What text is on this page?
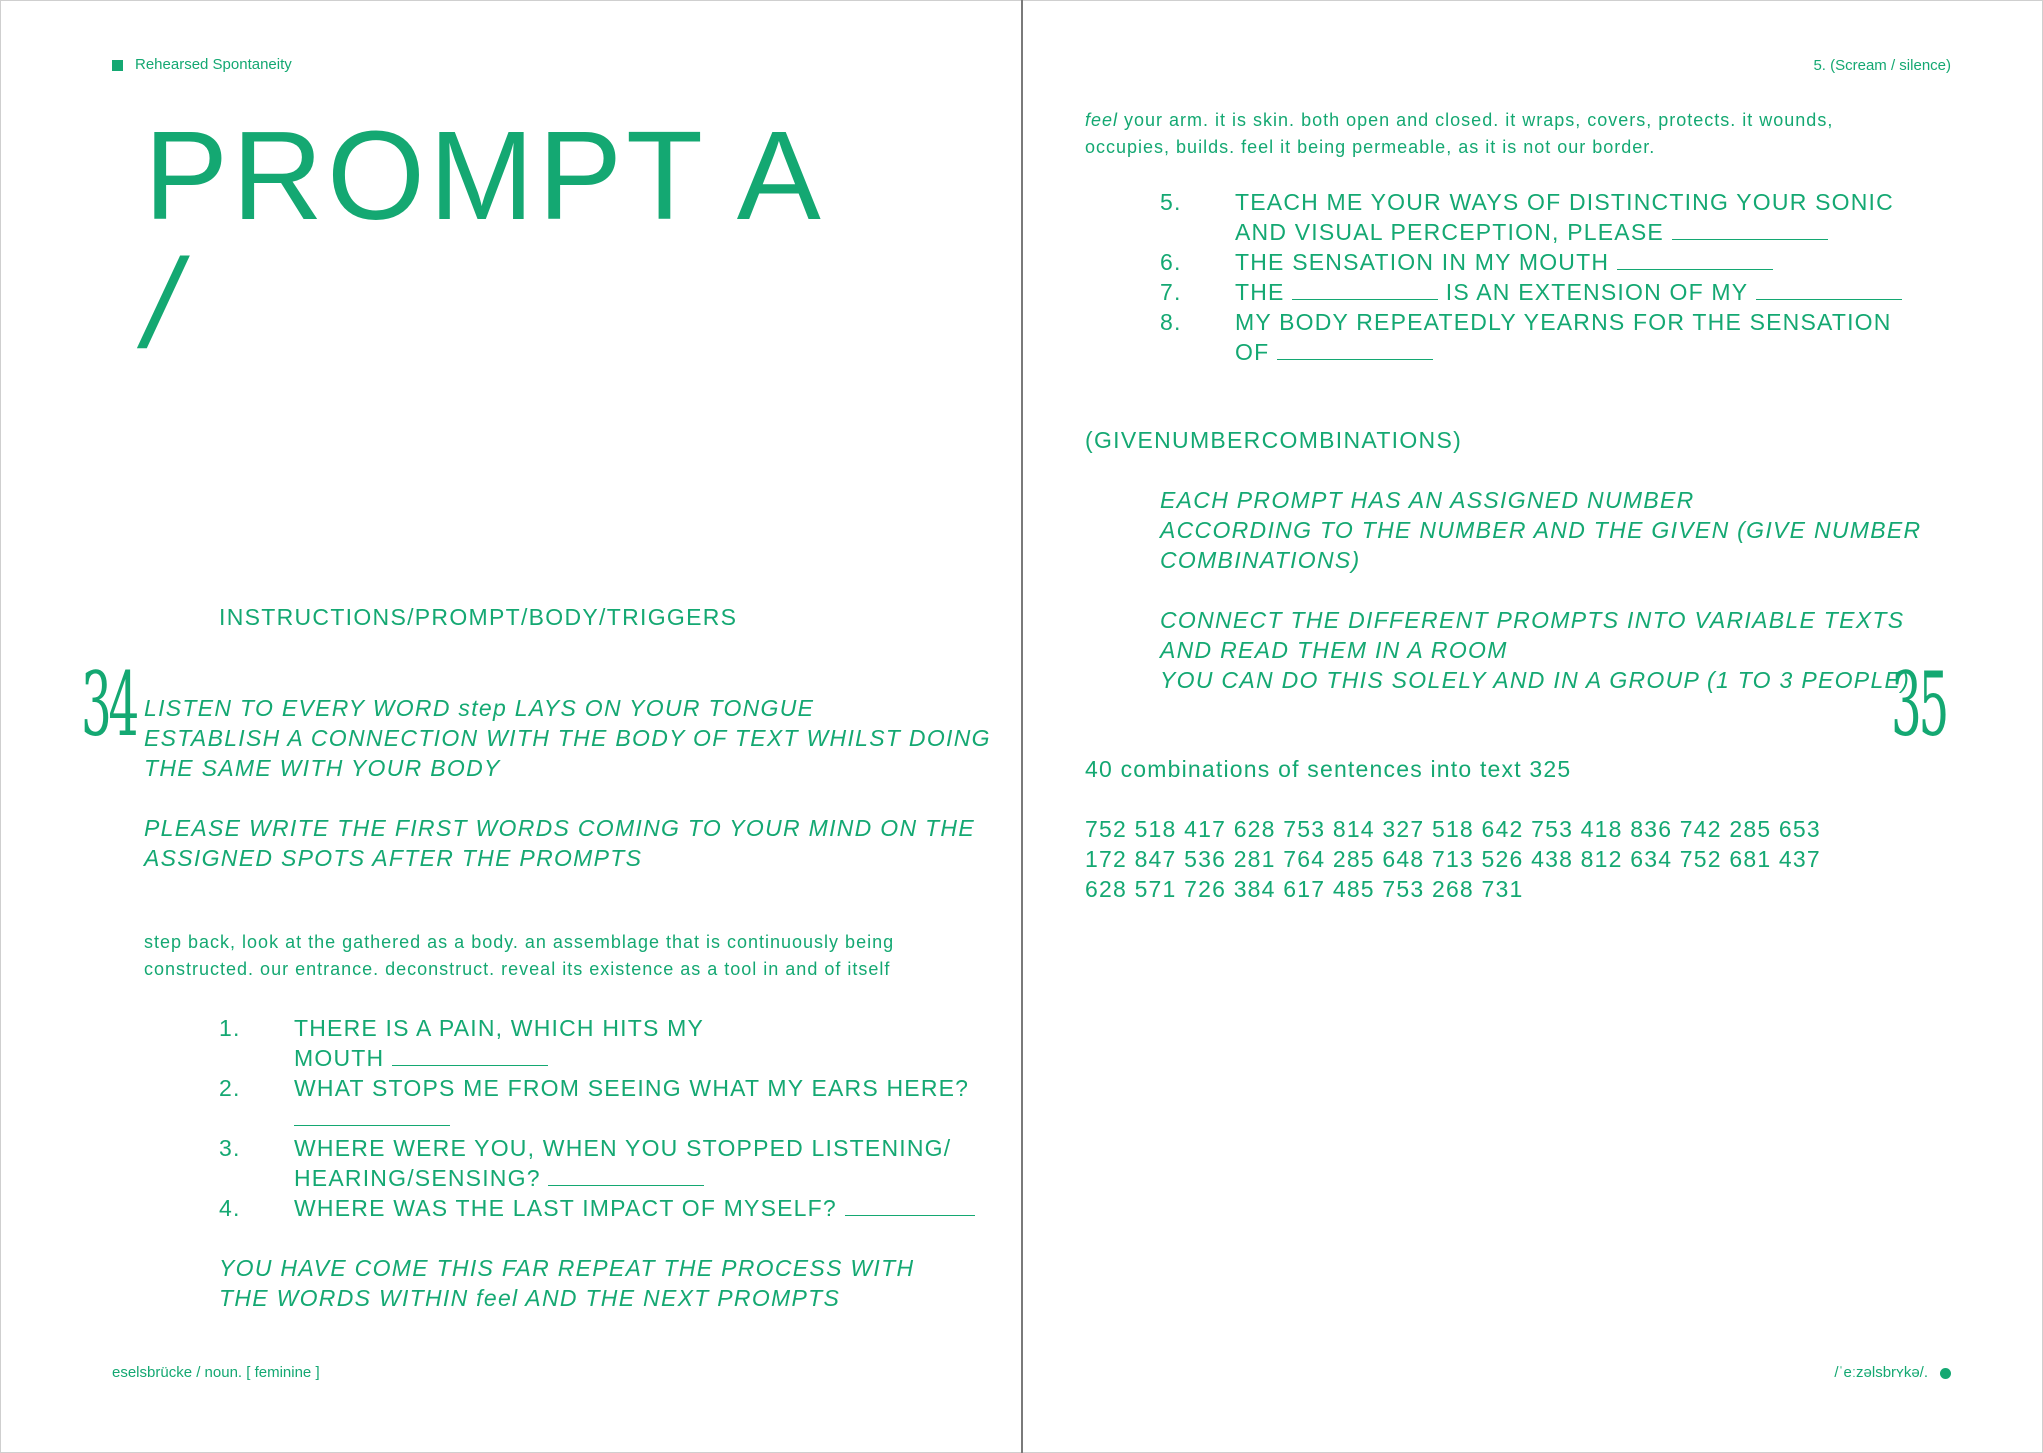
Rehearsed Spontaneity
PROMPT A
/
INSTRUCTIONS/PROMPT/BODY/TRIGGERS
34 LISTEN TO EVERY WORD step LAYS ON YOUR TONGUE
ESTABLISH A CONNECTION WITH THE BODY OF TEXT WHILST DOING
THE SAME WITH YOUR BODY
PLEASE WRITE THE FIRST WORDS COMING TO YOUR MIND ON THE
ASSIGNED SPOTS AFTER THE PROMPTS
step back, look at the gathered as a body. an assemblage that is continuously being
constructed. our entrance. deconstruct. reveal its existence as a tool in and of itself
1. THERE IS A PAIN, WHICH HITS MY
MOUTH
2. WHAT STOPS ME FROM SEEING WHAT MY EARS HERE?
3. WHERE WERE YOU, WHEN YOU STOPPED LISTENING/
HEARING/SENSING?
4. WHERE WAS THE LAST IMPACT OF MYSELF?
YOU HAVE COME THIS FAR REPEAT THE PROCESS WITH
THE WORDS WITHIN feel AND THE NEXT PROMPTS
eselsbrücke / noun. [ feminine ]
5. (Scream / silence)
feel your arm. it is skin. both open and closed. it wraps, covers, protects. it wounds,
occupies, builds. feel it being permeable, as it is not our border.
5. TEACH ME YOUR WAYS OF DISTINCTING YOUR SONIC
AND VISUAL PERCEPTION, PLEASE
6. THE SENSATION IN MY MOUTH
7. THE	IS AN EXTENSION OF MY
8. MY BODY REPEATEDLY YEARNS FOR THE SENSATION
OF
(GIVENUMBERCOMBINATIONS)
EACH PROMPT HAS AN ASSIGNED NUMBER
ACCORDING TO THE NUMBER AND THE GIVEN (GIVE NUMBER
COMBINATIONS)
CONNECT THE DIFFERENT PROMPTS INTO VARIABLE TEXTS
AND READ THEM IN A ROOM
YOU CAN DO THIS SOLELY AND IN A GROUP (1 TO 3 PEOPLE)
35
40 combinations of sentences into text 325
752 518 417 628 753 814 327 518 642 753 418 836 742 285 653
172 847 536 281 764 285 648 713 526 438 812 634 752 681 437
628 571 726 384 617 485 753 268 731
/ˈeːzəlsbrʏkə/.
